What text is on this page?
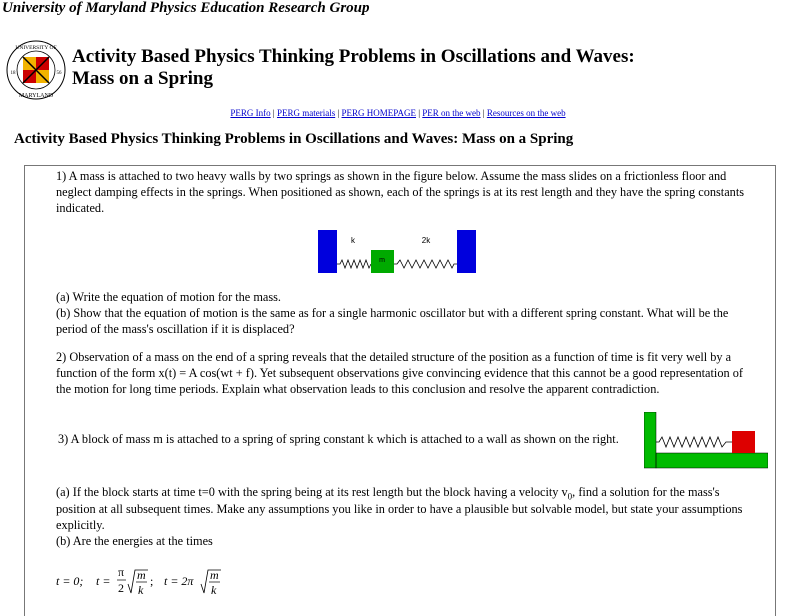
University of Maryland Physics Education Research Group
UNIVERSITY OF
MARYLAND
18	56
Activity Based Physics Thinking Problems in Oscillations and Waves:
Mass on a Spring
PERG Info | PERG materials | PERG HOMEPAGE | PER on the web | Resources on the web
Activity Based Physics Thinking Problems in Oscillations and Waves: Mass on a Spring
1) A mass is attached to two heavy walls by two springs as shown in the figure below. Assume the mass slides on a frictionless floor and
neglect damping effects in the springs. When positioned as shown, each of the springs is at its rest length and they have the spring constants
indicated.
k	2k
m
(a) Write the equation of motion for the mass.
(b) Show that the equation of motion is the same as for a single harmonic oscillator but with a different spring constant. What will be the
period of the mass's oscillation if it is displaced?
2) Observation of a mass on the end of a spring reveals that the detailed structure of the position as a function of time is fit very well by a
function of the form x(t) = A cos(wt + f). Yet subsequent observations give convincing evidence that this cannot be a good representation of
the motion for long time periods. Explain what observation leads to this conclusion and resolve the apparent contradiction.
3) A block of mass m is attached to a spring of spring constant k which is attached to a wall as shown on the right.
(a) If the block starts at time t=0 with the spring being at its rest length but the block having a velocity $v_0$, find a solution for the mass's
position at all subsequent times. Make any assumptions you like in order to have a plausible but solvable model, but state your assumptions
explicitly.
(b) Are the energies at the times
t = 0; t =
π
2
m
k
; t = 2π m
k
